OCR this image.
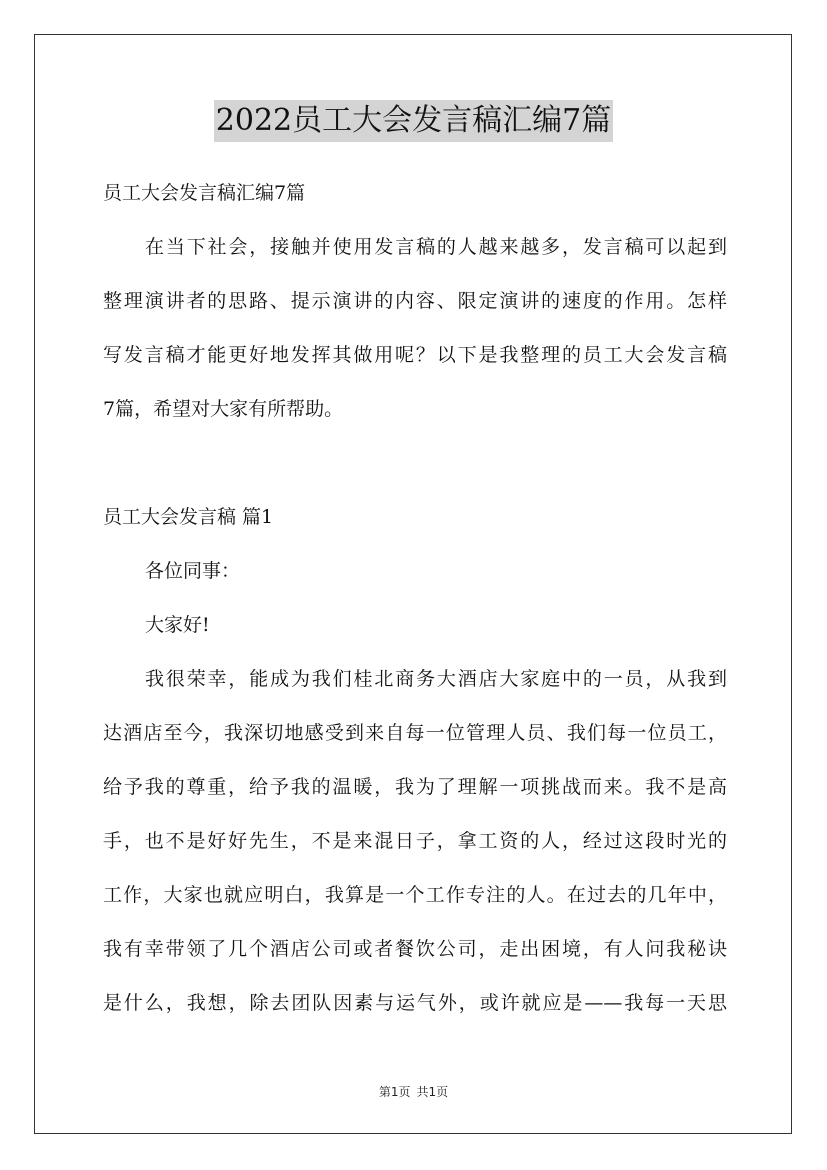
2022员工大会发言稿汇编7篇
员工大会发言稿汇编7篇
在当下社会，接触并使用发言稿的人越来越多，发言稿可以起到
整理演讲者的思路、提示演讲的内容、限定演讲的速度的作用。怎样
写发言稿才能更好地发挥其做用呢？以下是我整理的员工大会发言稿
7篇，希望对大家有所帮助。
员工大会发言稿 篇1
各位同事：
大家好!
我很荣幸，能成为我们桂北商务大酒店大家庭中的一员，从我到
达酒店至今，我深切地感受到来自每一位管理人员、我们每一位员工，
给予我的尊重，给予我的温暖，我为了理解一项挑战而来。我不是高
手，也不是好好先生，不是来混日子，拿工资的人，经过这段时光的
工作，大家也就应明白，我算是一个工作专注的人。在过去的几年中，
我有幸带领了几个酒店公司或者餐饮公司，走出困境，有人问我秘诀
是什么，我想，除去团队因素与运气外，或许就应是——我每一天思
第1页 共1页
